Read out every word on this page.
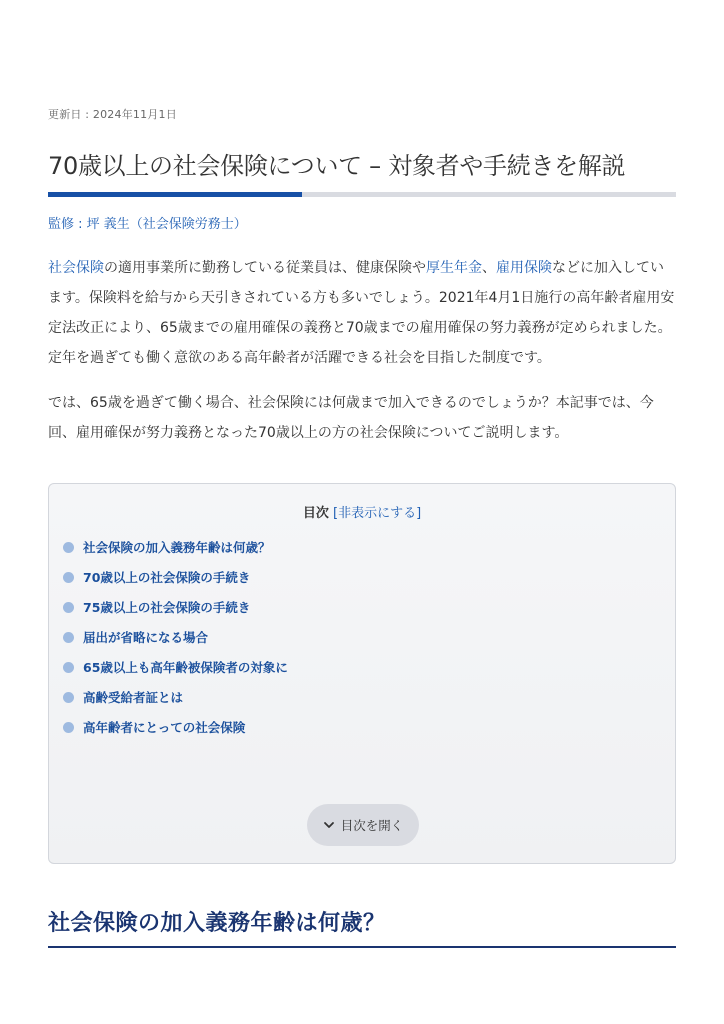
更新日 : 2024年11月1日
70歳以上の社会保険について – 対象者や手続きを解説
監修 : 坪 義生（社会保険労務士）

社会保険の適用事業所に勤務している従業員は、健康保険や厚生年金、雇用保険などに加入しています。保険料を給与から天引きされている方も多いでしょう。2021年4月1日施行の高年齢者雇用安定法改正により、65歳までの雇用確保の義務と70歳までの雇用確保の努力義務が定められました。定年を過ぎても働く意欲のある高年齢者が活躍できる社会を目指した制度です。

では、65歳を過ぎて働く場合、社会保険には何歳まで加入できるのでしょうか？本記事では、今回、雇用確保が努力義務となった70歳以上の方の社会保険についてご説明します。

目次 [非表示にする]
社会保険の加入義務年齢は何歳？
70歳以上の社会保険の手続き
75歳以上の社会保険の手続き
届出が省略になる場合
65歳以上も高年齢被保険者の対象に
高齢受給者証とは
高年齢者にとっての社会保険
目次を開く
社会保険の加入義務年齢は何歳？
